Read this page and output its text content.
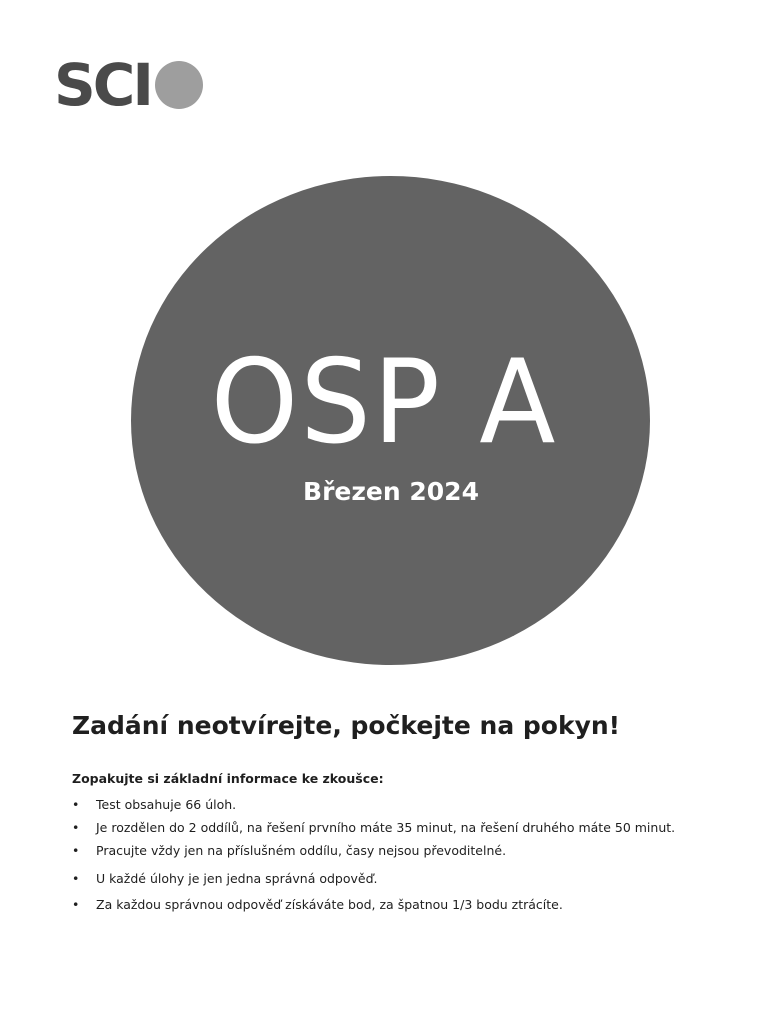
SCI
OSP A
Březen 2024
Zadání neotvírejte, počkejte na pokyn!
Zopakujte si základní informace ke zkoušce:
• Test obsahuje 66 úloh.
• Je rozdělen do 2 oddílů, na řešení prvního máte 35 minut, na řešení druhého máte 50 minut.
• Pracujte vždy jen na příslušném oddílu, časy nejsou převoditelné.
• U každé úlohy je jen jedna správná odpověď.
• Za každou správnou odpověď získáváte bod, za špatnou 1/3 bodu ztrácíte.
